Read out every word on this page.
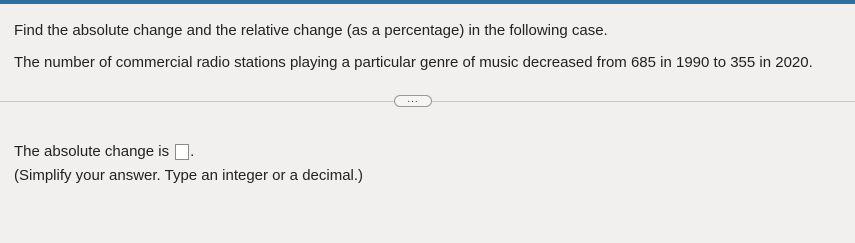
Find the absolute change and the relative change (as a percentage) in the following case.
The number of commercial radio stations playing a particular genre of music decreased from 685 in 1990 to 355 in 2020.
...
The absolute change is .
(Simplify your answer. Type an integer or a decimal.)
